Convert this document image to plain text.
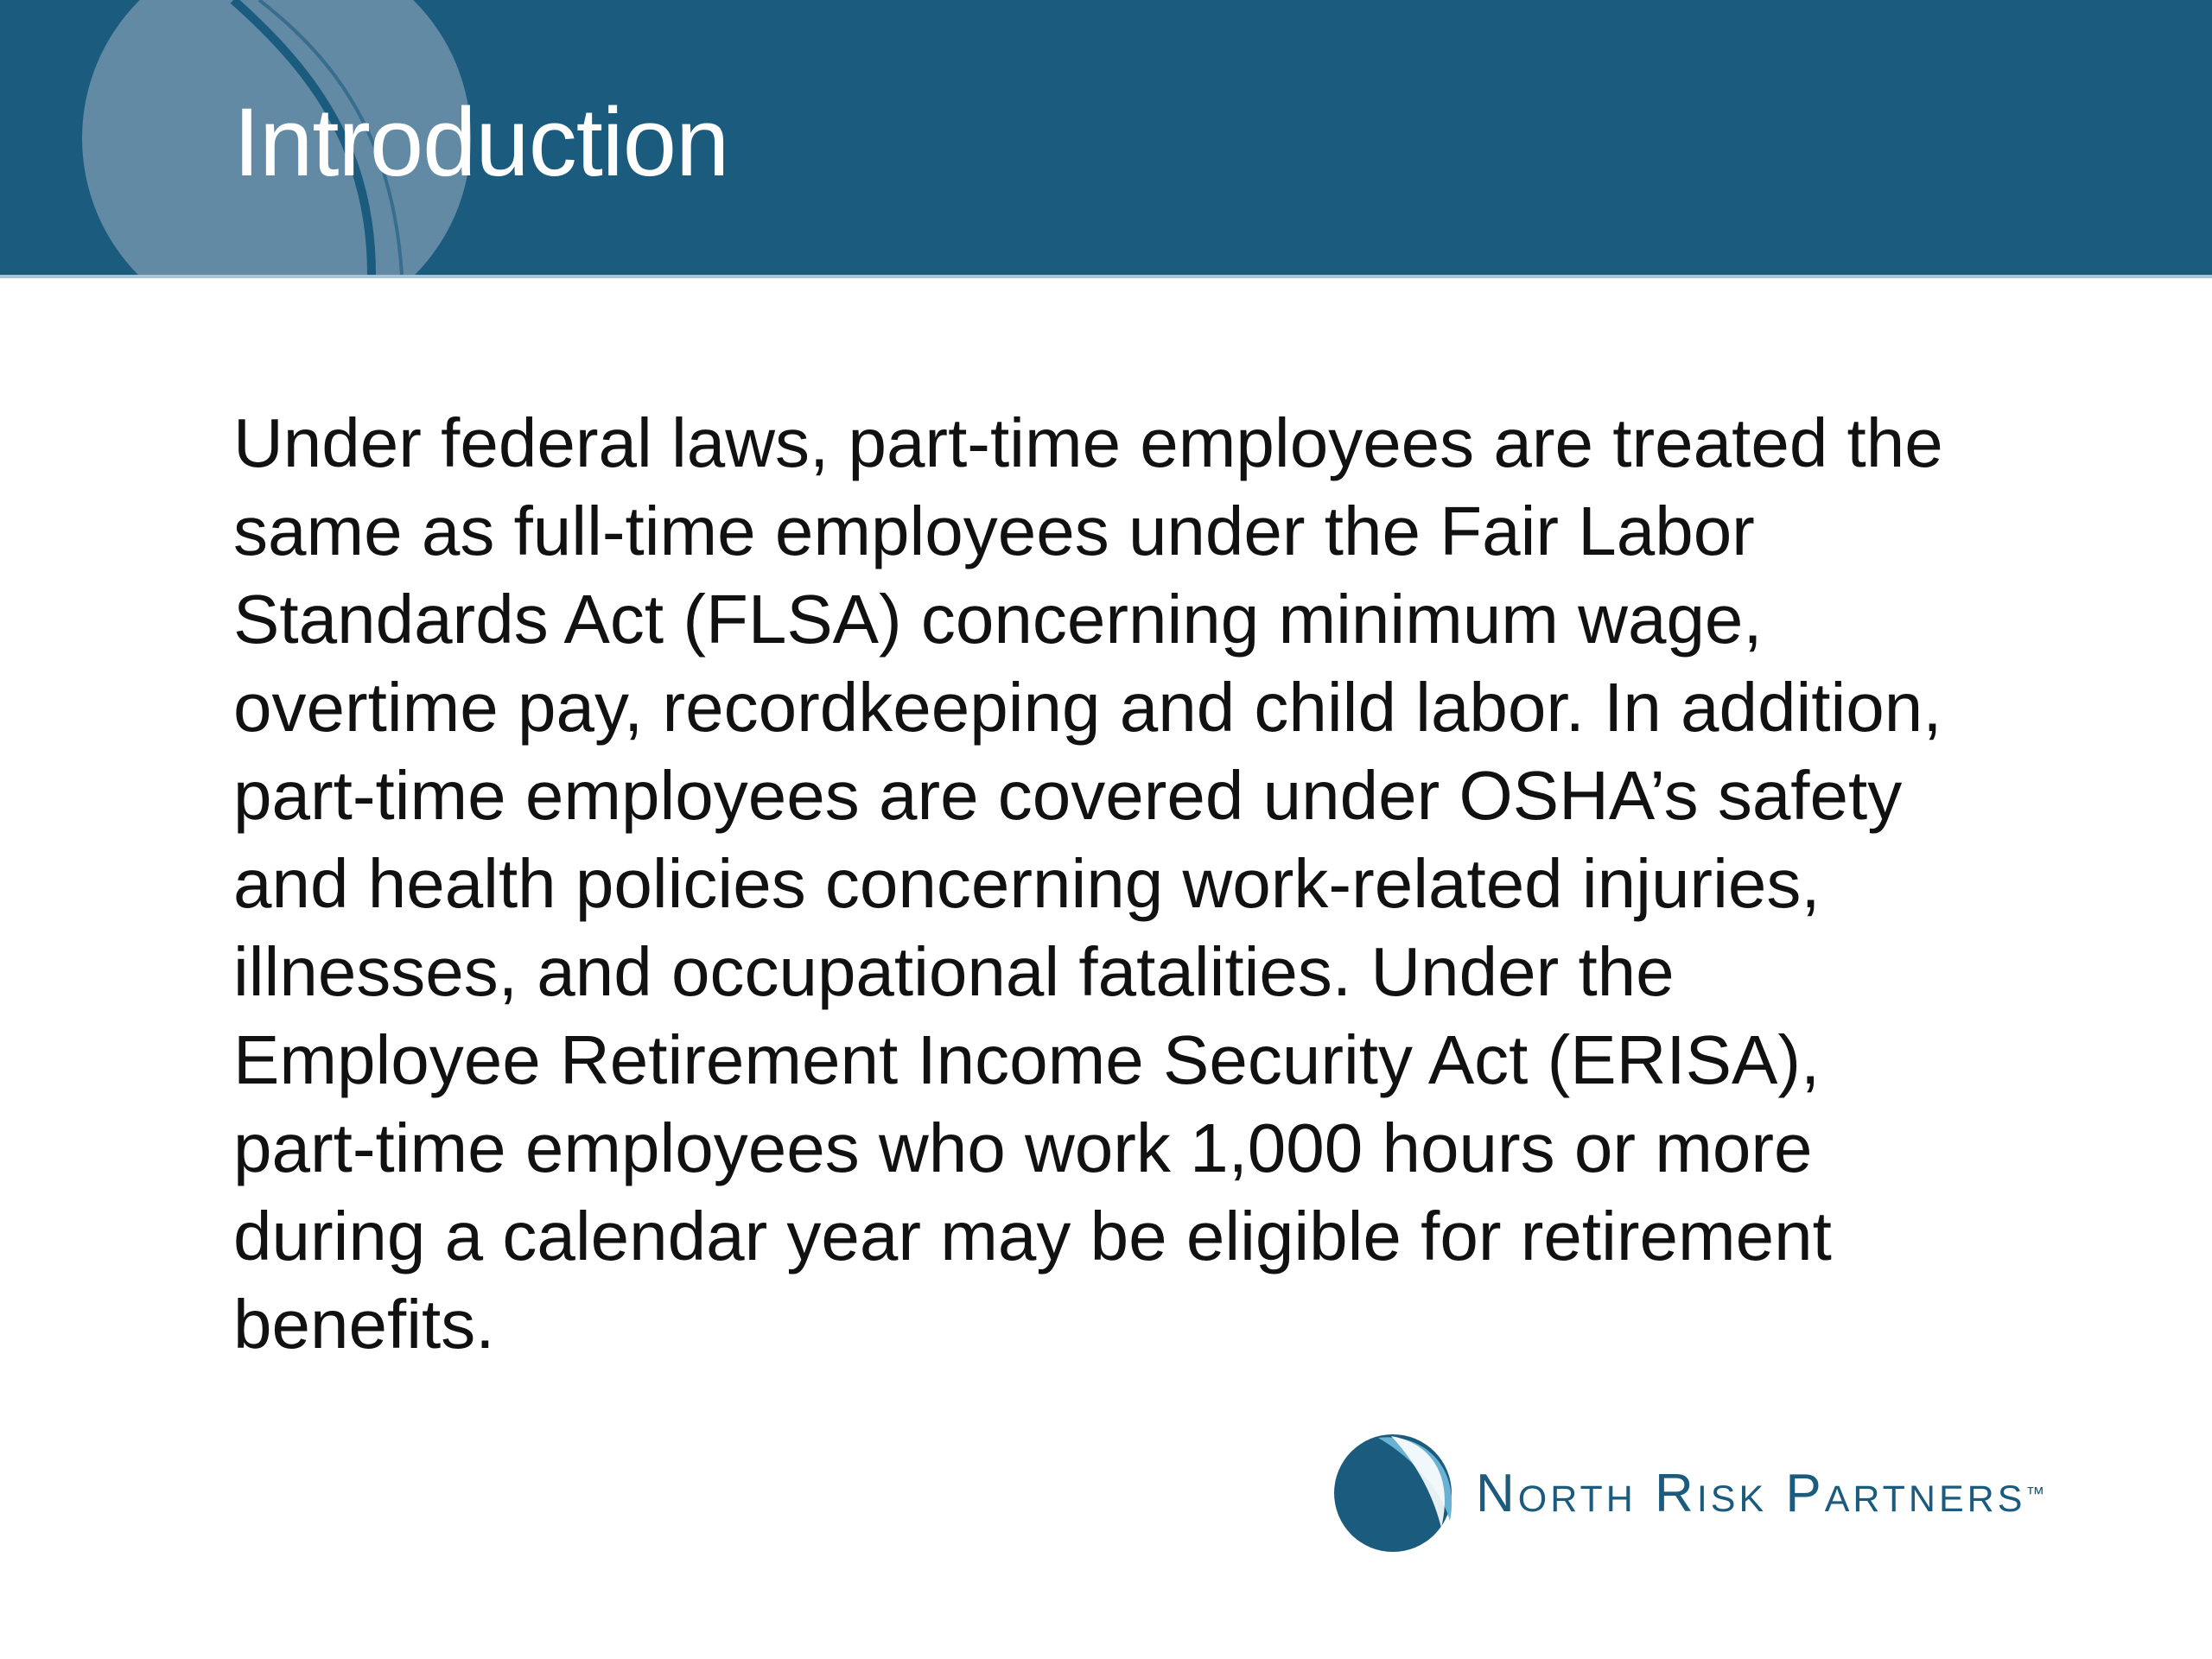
Introduction

Under federal laws, part-time employees are treated the
same as full-time employees under the Fair Labor
Standards Act (FLSA) concerning minimum wage,
overtime pay, recordkeeping and child labor. In addition,
part-time employees are covered under OSHA’s safety
and health policies concerning work-related injuries,
illnesses, and occupational fatalities. Under the
Employee Retirement Income Security Act (ERISA),
part-time employees who work 1,000 hours or more
during a calendar year may be eligible for retirement
benefits.

North Risk Partners™
